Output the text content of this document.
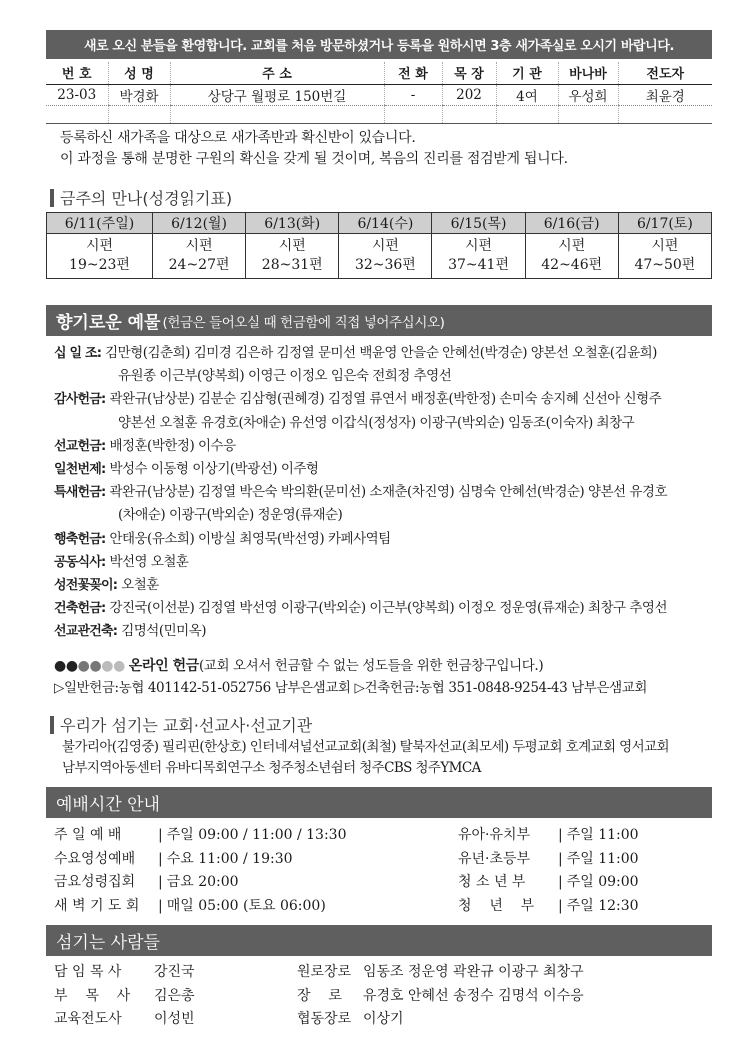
새로 오신 분들을 환영합니다. 교회를 처음 방문하셨거나 등록을 원하시면 3층 새가족실로 오시기 바랍니다.
번 호	성 명	주 소	전 화	목 장	기 관	바나바	전도자
23-03	박경화	상당구 월평로 150번길	-	202	4여	우성희	최윤경

등록하신 새가족을 대상으로 새가족반과 확신반이 있습니다.
이 과정을 통해 분명한 구원의 확신을 갖게 될 것이며, 복음의 진리를 점검받게 됩니다.
금주의 만나(성경읽기표)
6/11(주일)	6/12(월)	6/13(화)	6/14(수)	6/15(목)	6/16(금)	6/17(토)
시편	시편	시편	시편	시편	시편	시편
19~23편	24~27편	28~31편	32~36편	37~41편	42~46편	47~50편
향기로운 예물 (헌금은 들어오실 때 헌금함에 직접 넣어주십시오)
십 일 조: 김만형(김춘희) 김미경 김은하 김정열 문미선 백윤영 안을순 안혜선(박경순) 양본선 오철훈(김윤희)
유원종 이근부(양복희) 이영근 이정오 임은숙 전희정 추영선
감사헌금: 곽완규(남상분) 김분순 김삼형(권혜경) 김정열 류연서 배정훈(박한정) 손미숙 송지혜 신선아 신형주
양본선 오철훈 유경호(차애순) 유선영 이갑식(정성자) 이광구(박외순) 임동조(이숙자) 최창구
선교헌금: 배정훈(박한정) 이수응
일천번제: 박성수 이동형 이상기(박광선) 이주형
특새헌금: 곽완규(남상분) 김정열 박은숙 박의환(문미선) 소재춘(차진영) 심명숙 안혜선(박경순) 양본선 유경호
(차애순) 이광구(박외순) 정운영(류재순)
행축헌금: 안태웅(유소희) 이방실 최영묵(박선영) 카페사역팀
공동식사: 박선영 오철훈
성전꽃꽂이: 오철훈
건축헌금: 강진국(이선분) 김정열 박선영 이광구(박외순) 이근부(양복희) 이정오 정운영(류재순) 최창구 추영선
선교관건축: 김명석(민미옥)
●●●●●● 온라인 헌금(교회 오셔서 헌금할 수 없는 성도들을 위한 헌금창구입니다.)
▷일반헌금:농협 401142-51-052756 남부은샘교회 ▷건축헌금:농협 351-0848-9254-43 남부은샘교회
우리가 섬기는 교회·선교사·선교기관
불가리아(김영중) 필리핀(한상호) 인터네셔널선교교회(최철) 탈북자선교(최모세) 두평교회 호계교회 영서교회
남부지역아동센터 유바디목회연구소 청주청소년쉼터 청주CBS 청주YMCA
예배시간 안내
주 일 예 배	| 주일 09:00 / 11:00 / 13:30
수요영성예배	| 수요 11:00 / 19:30
금요성령집회	| 금요 20:00
새 벽 기 도 회	| 매일 05:00 (토요 06:00)
유아·유치부	| 주일 11:00
유년·초등부	| 주일 11:00
청 소 년 부	| 주일 09:00
청    년    부	| 주일 12:30
섬기는 사람들
담 임 목 사	강진국
부    목    사	김은총
교육전도사	이성빈
원로장로 임동조 정운영 곽완규 이광구 최창구
장    로	유경호 안혜선 송정수 김명석 이수응
협동장로 이상기
